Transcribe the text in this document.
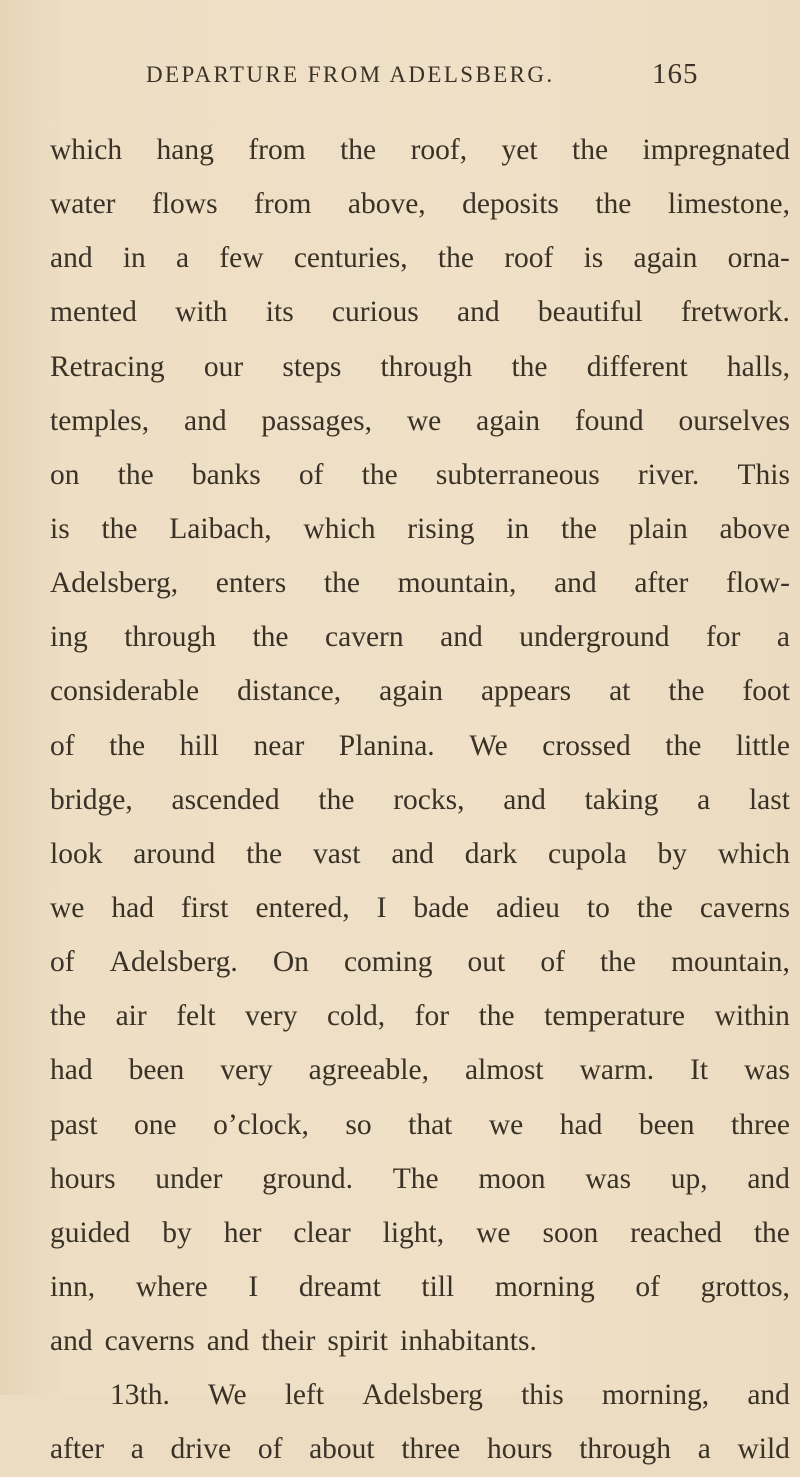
DEPARTURE FROM ADELSBERG.	165
which hang from the roof, yet the impregnated
water flows from above, deposits the limestone,
and in a few centuries, the roof is again orna-
mented with its curious and beautiful fretwork.
Retracing our steps through the different halls,
temples, and passages, we again found ourselves
on the banks of the subterraneous river. This
is the Laibach, which rising in the plain above
Adelsberg, enters the mountain, and after flow-
ing through the cavern and underground for a
considerable distance, again appears at the foot
of the hill near Planina. We crossed the little
bridge, ascended the rocks, and taking a last
look around the vast and dark cupola by which
we had first entered, I bade adieu to the caverns
of Adelsberg. On coming out of the mountain,
the air felt very cold, for the temperature within
had been very agreeable, almost warm. It was
past one o’clock, so that we had been three
hours under ground. The moon was up, and
guided by her clear light, we soon reached the
inn, where I dreamt till morning of grottos,
and caverns and their spirit inhabitants.
13th. We left Adelsberg this morning, and
after a drive of about three hours through a wild
